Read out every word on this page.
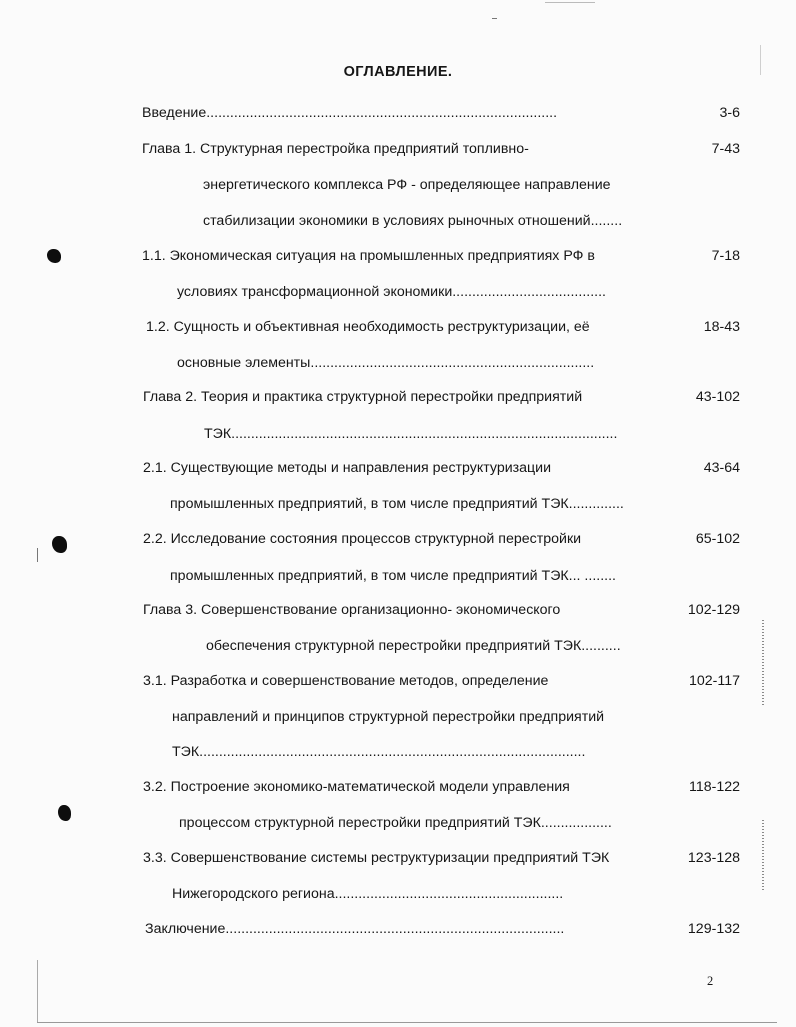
ОГЛАВЛЕНИЕ.
Введение.........................................................................................	3-6
Глава 1. Структурная перестройка предприятий топливно-
энергетического комплекса РФ - определяющее направление
стабилизации экономики в условиях рыночных отношений........
7-43
1.1. Экономическая ситуация на промышленных предприятиях РФ в
условиях трансформационной экономики.......................................
7-18
1.2. Сущность и объективная необходимость реструктуризации, её
основные элементы........................................................................
18-43
Глава 2. Теория и практика структурной перестройки предприятий
ТЭК..................................................................................................
43-102
2.1. Существующие методы и направления реструктуризации
промышленных предприятий, в том числе предприятий ТЭК..............
43-64
2.2. Исследование состояния процессов структурной перестройки
промышленных предприятий, в том числе предприятий ТЭК... ........
65-102
Глава 3. Совершенствование организационно- экономического
обеспечения структурной перестройки предприятий ТЭК..........
102-129
3.1. Разработка и совершенствование методов, определение
направлений и принципов структурной перестройки предприятий
ТЭК..................................................................................................
102-117
3.2. Построение экономико-математической модели управления
процессом структурной перестройки предприятий ТЭК..................
118-122
3.3. Совершенствование системы реструктуризации предприятий ТЭК
Нижегородского региона..........................................................
123-128
Заключение......................................................................................	129-132
2
